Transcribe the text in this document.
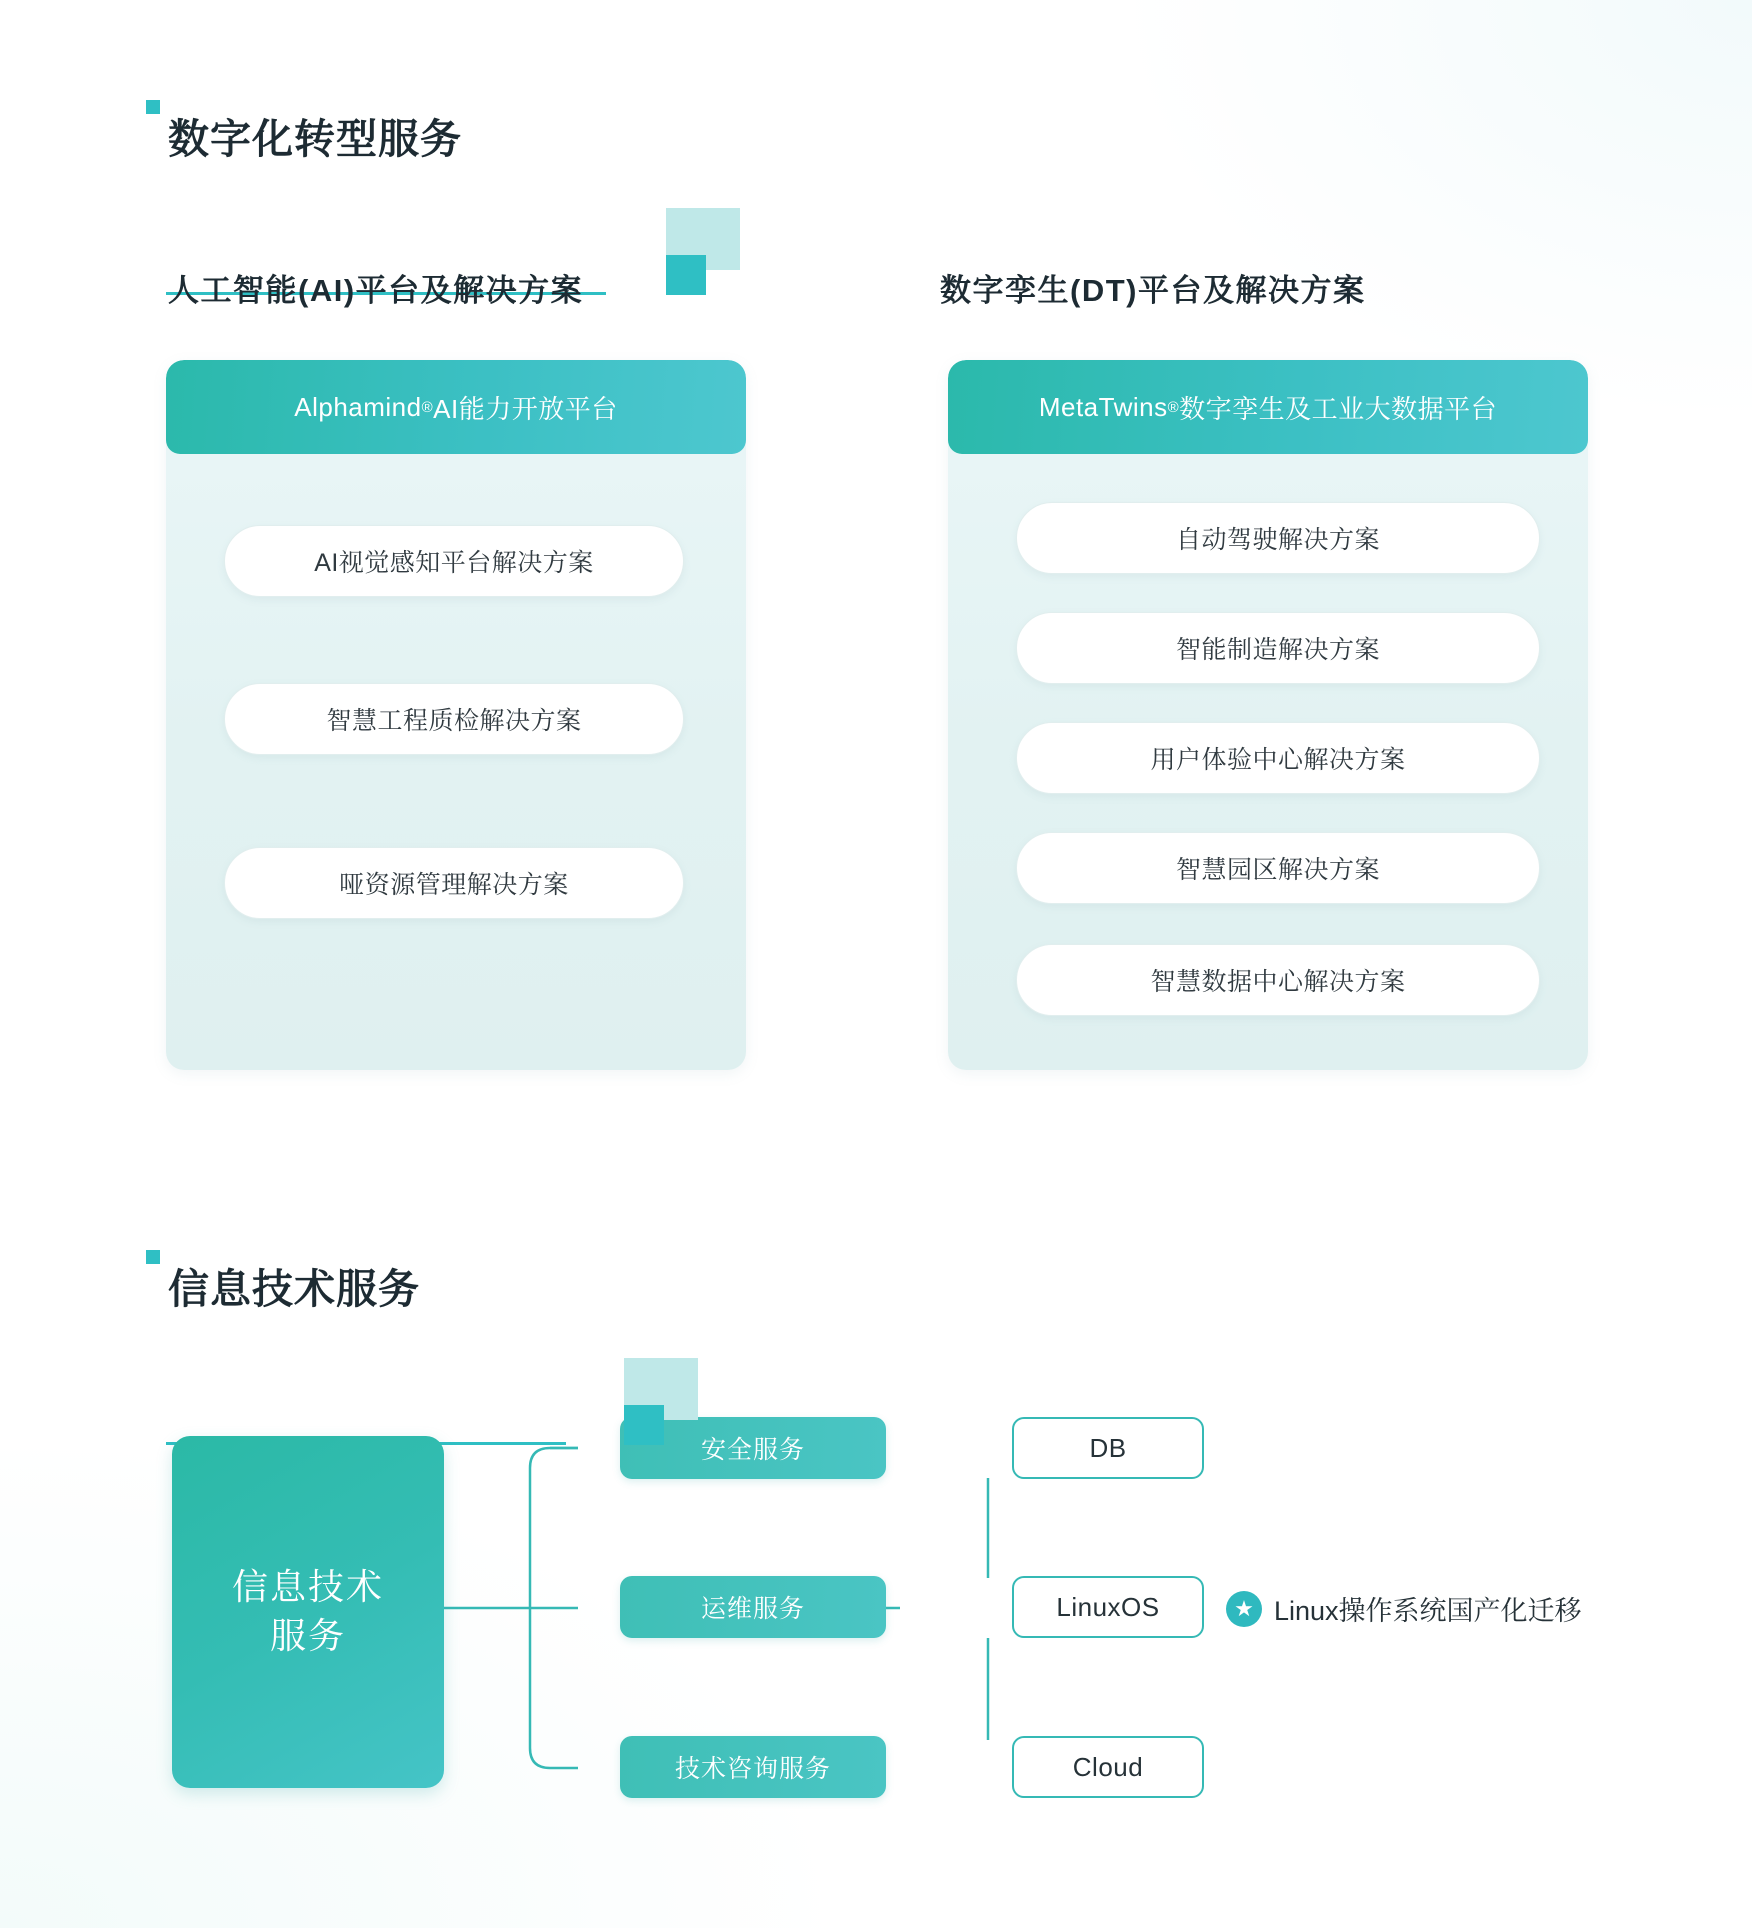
数字化转型服务
人工智能(AI)平台及解决方案	数字孪生(DT)平台及解决方案
Alphamind ® AI能力开放平台
AI视觉感知平台解决方案
智慧工程质检解决方案
哑资源管理解决方案
MetaTwins ® 数字孪生及工业大数据平台
自动驾驶解决方案
智能制造解决方案
用户体验中心解决方案
智慧园区解决方案
智慧数据中心解决方案
信息技术服务
信息技术
服务
安全服务
运维服务
技术咨询服务
DB
LinuxOS
Cloud
★ Linux操作系统国产化迁移
